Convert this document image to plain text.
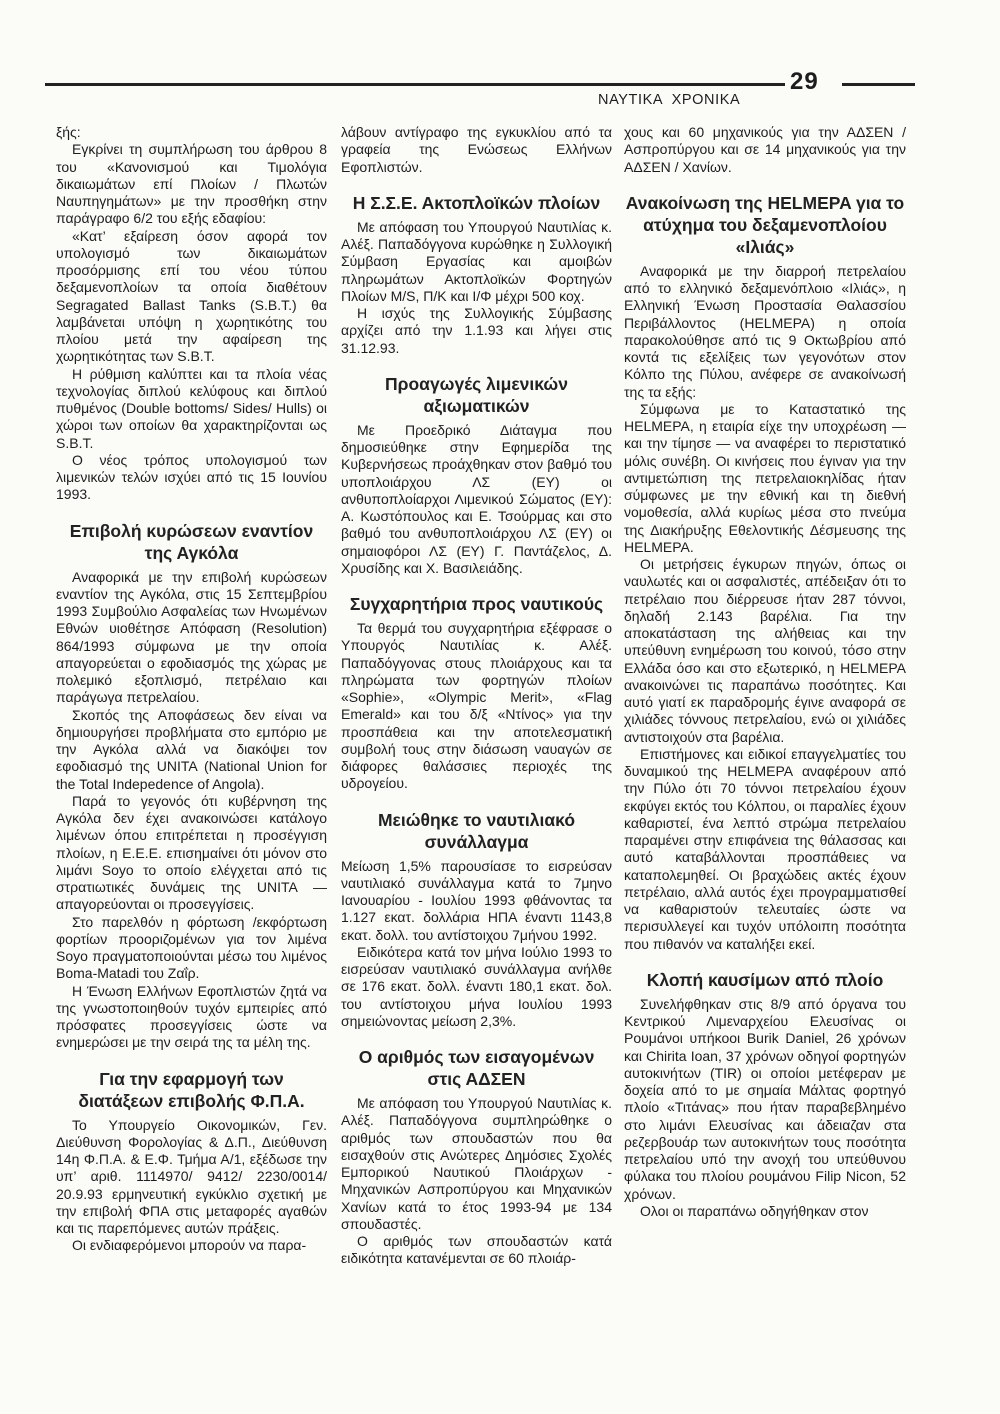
29
ΝΑΥΤΙΚΑ  ΧΡΟΝΙΚΑ

ξής:

Εγκρίνει τη συμπλήρωση του άρθρου 8 του «Κανονισμού και Τιμολόγια δικαιωμάτων επί Πλοίων / Πλωτών Ναυπηγημάτων» με την προσθήκη στην παράγραφο 6/2 του εξής εδαφίου:

«Κατ’ εξαίρεση όσον αφορά τον υπολογισμό των δικαιωμάτων προσόρμισης επί του νέου τύπου δεξαμενοπλοίων τα οποία διαθέτουν Segragated Ballast Tanks (S.B.T.) θα λαμβάνεται υπόψη η χωρητικότης του πλοίου μετά την αφαίρεση της χωρητικότητας των S.B.T.

Η ρύθμιση καλύπτει και τα πλοία νέας τεχνολογίας διπλού κελύφους και διπλού πυθμένος (Double bottoms/ Sides/ Hulls) οι χώροι των οποίων θα χαρακτηρίζονται ως S.B.T.

Ο νέος τρόπος υπολογισμού των λιμενικών τελών ισχύει από τις 15 Ιουνίου 1993.

Επιβολή κυρώσεων εναντίον της Αγκόλα

Αναφορικά με την επιβολή κυρώσεων εναντίον της Αγκόλα, στις 15 Σεπτεμβρίου 1993 Συμβούλιο Ασφαλείας των Ηνωμένων Εθνών υιοθέτησε Απόφαση (Resolution) 864/1993 σύμφωνα με την οποία απαγορεύεται ο εφοδιασμός της χώρας με πολεμικό εξοπλισμό, πετρέλαιο και παράγωγα πετρελαίου.

Σκοπός της Αποφάσεως δεν είναι να δημιουργήσει προβλήματα στο εμπόριο με την Αγκόλα αλλά να διακόψει τον εφοδιασμό της UNITA (National Union for the Total Indepedence of Angola).

Παρά το γεγονός ότι κυβέρνηση της Αγκόλα δεν έχει ανακοινώσει κατάλογο λιμένων όπου επιτρέπεται η προσέγγιση πλοίων, η Ε.Ε.Ε. επισημαίνει ότι μόνον στο λιμάνι Soyo το οποίο ελέγχεται από τις στρατιωτικές δυνάμεις της UNITA — απαγορεύονται οι προσεγγίσεις.

Στο παρελθόν η φόρτωση /εκφόρτωση φορτίων προοριζομένων για τον λιμένα Soyo πραγματοποιούνται μέσω του λιμένος Boma-Matadi του Ζαΐρ.

Η Ένωση Ελλήνων Εφοπλιστών ζητά να της γνωστοποιηθούν τυχόν εμπειρίες από πρόσφατες προσεγγίσεις ώστε να ενημερώσει με την σειρά της τα μέλη της.

Για την εφαρμογή των διατάξεων επιβολής Φ.Π.Α.

Το Υπουργείο Οικονομικών, Γεν. Διεύθυνση Φορολογίας & Δ.Π., Διεύθυνση 14η Φ.Π.Α. & Ε.Φ. Τμήμα Α/1, εξέδωσε την υπ’ αριθ. 1114970/ 9412/ 2230/0014/ 20.9.93 ερμηνευτική εγκύκλιο σχετική με την επιβολή ΦΠΑ στις μεταφορές αγαθών και τις παρεπόμενες αυτών πράξεις.

Οι ενδιαφερόμενοι μπορούν να παρα-

λάβουν αντίγραφο της εγκυκλίου από τα γραφεία της Ενώσεως Ελλήνων Εφοπλιστών.

Η Σ.Σ.Ε. Ακτοπλοϊκών πλοίων

Με απόφαση του Υπουργού Ναυτιλίας κ. Αλέξ. Παπαδόγγονα κυρώθηκε η Συλλογική Σύμβαση Εργασίας και αμοιβών πληρωμάτων Ακτοπλοϊκών Φορτηγών Πλοίων M/S, Π/Κ και Ι/Φ μέχρι 500 κοχ.

Η ισχύς της Συλλογικής Σύμβασης αρχίζει από την 1.1.93 και λήγει στις 31.12.93.

Προαγωγές λιμενικών αξιωματικών

Με Προεδρικό Διάταγμα που δημοσιεύθηκε στην Εφημερίδα της Κυβερνήσεως προάχθηκαν στον βαθμό του υποπλοιάρχου ΛΣ (ΕΥ) οι ανθυποπλοίαρχοι Λιμενικού Σώματος (ΕΥ): Α. Κωστόπουλος και Ε. Τσούρμας και στο βαθμό του ανθυποπλοιάρχου ΛΣ (ΕΥ) οι σημαιοφόροι ΛΣ (ΕΥ) Γ. Παντάζελος, Δ. Χρυσίδης και Χ. Βασιλειάδης.

Συγχαρητήρια προς ναυτικούς

Τα θερμά του συγχαρητήρια εξέφρασε ο Υπουργός Ναυτιλίας κ. Αλέξ. Παπαδόγγονας στους πλοιάρχους και τα πληρώματα των φορτηγών πλοίων «Sophie», «Olympic Merit», «Flag Emerald» και του δ/ξ «Ντίνος» για την προσπάθεια και την αποτελεσματική συμβολή τους στην διάσωση ναυαγών σε διάφορες θαλάσσιες περιοχές της υδρογείου.

Μειώθηκε το ναυτιλιακό συνάλλαγμα

Μείωση 1,5% παρουσίασε το εισρεύσαν ναυτιλιακό συνάλλαγμα κατά το 7μηνο Ιανουαρίου - Ιουλίου 1993 φθάνοντας τα 1.127 εκατ. δολλάρια ΗΠΑ έναντι 1143,8 εκατ. δολλ. του αντίστοιχου 7μήνου 1992.

Ειδικότερα κατά τον μήνα Ιούλιο 1993 το εισρεύσαν ναυτιλιακό συνάλλαγμα ανήλθε σε 176 εκατ. δολλ. έναντι 180,1 εκατ. δολ. του αντίστοιχου μήνα Ιουλίου 1993 σημειώνοντας μείωση 2,3%.

Ο αριθμός των εισαγομένων στις ΑΔΣΕΝ

Με απόφαση του Υπουργού Ναυτιλίας κ. Αλέξ. Παπαδόγγονα συμπληρώθηκε ο αριθμός των σπουδαστών που θα εισαχθούν στις Ανώτερες Δημόσιες Σχολές Εμπορικού Ναυτικού Πλοιάρχων - Μηχανικών Ασπροπύργου και Μηχανικών Χανίων κατά το έτος 1993-94 με 134 σπουδαστές.

Ο αριθμός των σπουδαστών κατά ειδικότητα κατανέμενται σε 60 πλοιάρ-

χους και 60 μηχανικούς για την ΑΔΣΕΝ /Ασπροπύργου και σε 14 μηχανικούς για την ΑΔΣΕΝ / Χανίων.

Ανακοίνωση της HELMEPA για το ατύχημα του δεξαμενοπλοίου «Ιλιάς»

Αναφορικά με την διαρροή πετρελαίου από το ελληνικό δεξαμενόπλοιο «Ιλιάς», η Ελληνική Ένωση Προστασία Θαλασσίου Περιβάλλοντος (HELMEPA) η οποία παρακολούθησε από τις 9 Οκτωβρίου από κοντά τις εξελίξεις των γεγονότων στον Κόλπο της Πύλου, ανέφερε σε ανακοίνωσή της τα εξής:

Σύμφωνα με το Καταστατικό της HELMEPA, η εταιρία είχε την υποχρέωση — και την τίμησε — να αναφέρει το περιστατικό μόλις συνέβη. Οι κινήσεις που έγιναν για την αντιμετώπιση της πετρελαιοκηλίδας ήταν σύμφωνες με την εθνική και τη διεθνή νομοθεσία, αλλά κυρίως μέσα στο πνεύμα της Διακήρυξης Εθελοντικής Δέσμευσης της HELMEPA.

Οι μετρήσεις έγκυρων πηγών, όπως οι ναυλωτές και οι ασφαλιστές, απέδειξαν ότι το πετρέλαιο που διέρρευσε ήταν 287 τόννοι, δηλαδή 2.143 βαρέλια. Για την αποκατάσταση της αλήθειας και την υπεύθυνη ενημέρωση του κοινού, τόσο στην Ελλάδα όσο και στο εξωτερικό, η HELMEPA ανακοινώνει τις παραπάνω ποσότητες. Και αυτό γιατί εκ παραδρομής έγινε αναφορά σε χιλιάδες τόννους πετρελαίου, ενώ οι χιλιάδες αντιστοιχούν στα βαρέλια.

Επιστήμονες και ειδικοί επαγγελματίες του δυναμικού της HELMEPA αναφέρουν από την Πύλο ότι 70 τόννοι πετρελαίου έχουν εκφύγει εκτός του Κόλπου, οι παραλίες έχουν καθαριστεί, ένα λεπτό στρώμα πετρελαίου παραμένει στην επιφάνεια της θάλασσας και αυτό καταβάλλονται προσπάθειες να καταπολεμηθεί. Οι βραχώδεις ακτές έχουν πετρέλαιο, αλλά αυτός έχει προγραμματισθεί να καθαριστούν τελευταίες ώστε να περισυλλεγεί και τυχόν υπόλοιπη ποσότητα που πιθανόν να καταλήξει εκεί.

Κλοπή καυσίμων από πλοίο

Συνελήφθηκαν στις 8/9 από όργανα του Κεντρικού Λιμεναρχείου Ελευσίνας οι Ρουμάνοι υπήκοοι Burik Daniel, 26 χρόνων και Chirita Ioan, 37 χρόνων οδηγοί φορτηγών αυτοκινήτων (TIR) οι οποίοι μετέφεραν με δοχεία από το με σημαία Μάλτας φορτηγό πλοίο «Τιτάνας» που ήταν παραβεβλημένο στο λιμάνι Ελευσίνας και άδειαζαν στα ρεζερβουάρ των αυτοκινήτων τους ποσότητα πετρελαίου υπό την ανοχή του υπεύθυνου φύλακα του πλοίου ρουμάνου Filip Nicon, 52 χρόνων.

Ολοι οι παραπάνω οδηγήθηκαν στον
